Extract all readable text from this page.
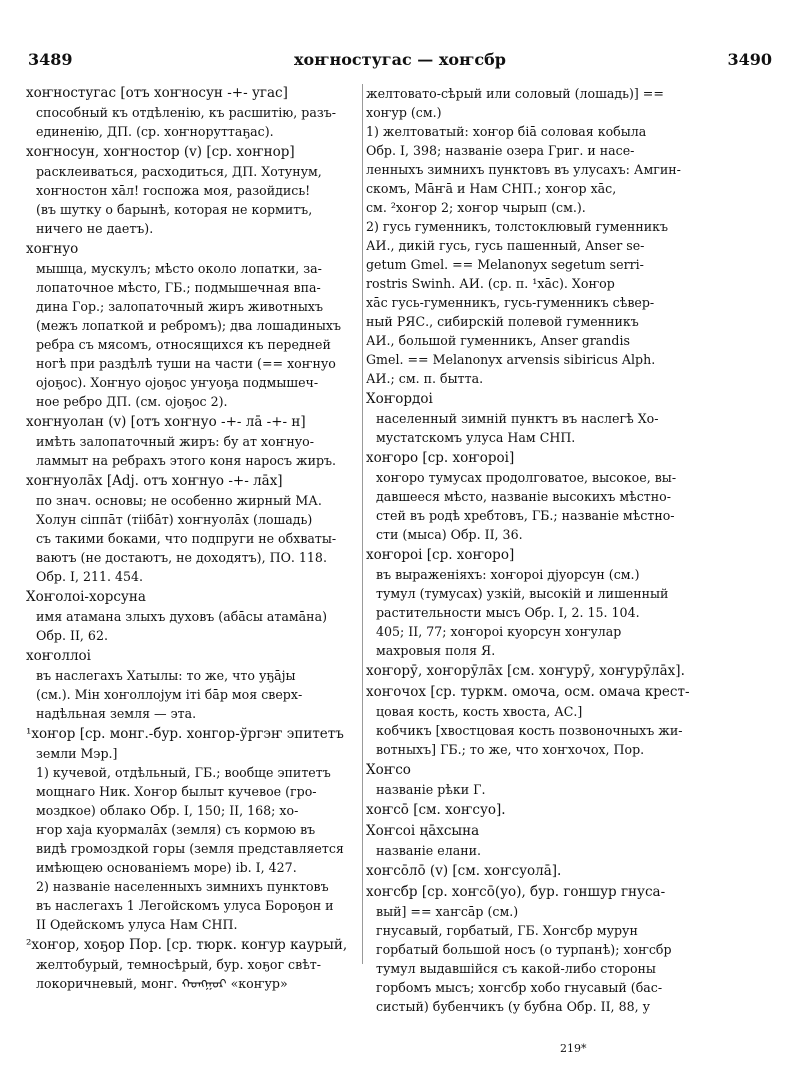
3489	хоҥностугас — хоҥсбр	3490
хоҥностугас [отъ хоҥносун -+- угас]
способный къ отдѣленію, къ расшитію, разъ-
единенію, ДП. (ср. хоҥноруттаҕас).
хоҥносун, хоҥностор (v) [ср. хоҥнор]
расклеиваться, расходиться, ДП. Хотунум,
хоҥностон хāл! госпожа моя, разойдись!
(въ шутку о барынѣ, которая не кормитъ,
ничего не даетъ).
хоҥнуо
мышца, мускулъ; мѣсто около лопатки, за-
лопаточное мѣсто, ГБ.; подмышечная впа-
дина Гор.; залопаточный жиръ животныхъ
(межъ лопаткой и ребромъ); два лошадиныхъ
ребра съ мясомъ, относящихся къ передней
ногѣ при раздѣлѣ туши на части (== хоҥнуо
ојоҕос). Хоҥнуо ојоҕос уҥуоҕа подмышеч-
ное ребро ДП. (см. ојоҕос 2).
хоҥнуолан (v) [отъ хоҥнуо -+- лā -+- н]
имѣть залопаточный жиръ: бу ат хоҥнуо-
ламмыт на ребрахъ этого коня наросъ жиръ.
хоҥнуолāх [Adj. отъ хоҥнуо -+- лāх]
по знач. основы; не особенно жирный МА.
Холун сіппāт (тіібāт) хоҥнуолāх (лошадь)
съ такими боками, что подпруги не обхваты-
ваютъ (не достаютъ, не доходятъ), ПО. 118.
Обр. I, 211. 454.
Хоҥолоі-хорсуна
имя атамана злыхъ духовъ (абāсы атамāна)
Обр. II, 62.
хоҥоллоі
въ наслегахъ Хатылы: то же, что уҕāјы
(см.). Мін хоҥоллојум іті бāр моя сверх-
надѣльная земля — эта.
¹хоҥор [ср. монг.-бур. хонгор-ўргэҥ эпитетъ
земли Мэр.]
1) кучевой, отдѣльный, ГБ.; вообще эпитетъ
мощнаго Ник. Хоҥор былыт кучевое (гро-
моздкое) облако Обр. I, 150; II, 168; хо-
ҥор хаја куормалāх (земля) съ кормою въ
видѣ громоздкой горы (земля представляется
имѣющею основаніемъ море) ib. I, 427.
2) названіе населенныхъ зимнихъ пунктовъ
въ наслегахъ 1 Легойскомъ улуса Бороҕон и
II Одейскомъ улуса Нам СНП.
²хоҥор, хоҕор Пор. [ср. тюрк. коҥур каурый,
желтобурый, темносѣрый, бур. хоҕог свѣт-
локоричневый, монг. ᠬᠣᠩᠭᠣᠷ «коҥур»
желтовато-сѣрый или соловый (лошадь)] ==
хоҥур (см.)
1) желтоватый: хоҥор біā соловая кобыла
Обр. I, 398; названіе озера Григ. и насе-
ленныхъ зимнихъ пунктовъ въ улусахъ: Амгин-
скомъ, Мāҥā и Нам СНП.; хоҥор хāс,
см. ²хоҥор 2; хоҥор чырып (см.).
2) гусь гуменникъ, толстоклювый гуменникъ
АИ., дикій гусь, гусь пашенный, Anser se-
getum Gmel. == Melanonyx segetum serri-
rostris Swinh. АИ. (ср. п. ¹хāс). Хоҥор
хāс гусь-гуменникъ, гусь-гуменникъ сѣвер-
ный РЯС., сибирскій полевой гуменникъ
АИ., большой гуменникъ, Anser grandis
Gmel. == Melanonyx arvensis sibiricus Alph.
АИ.; см. п. бытта.
Хоҥордоі
населенный зимній пунктъ въ наслегѣ Хо-
мустатскомъ улуса Нам СНП.
хоҥоро [ср. хоҥороі]
хоҥоро тумусах продолговатое, высокое, вы-
давшееся мѣсто, названіе высокихъ мѣстно-
стей въ родѣ хребтовъ, ГБ.; названіе мѣстно-
сти (мыса) Обр. II, 36.
хоҥороі [ср. хоҥоро]
въ выраженіяхъ: хоҥороі дјуорсун (см.)
тумул (тумусах) узкій, высокій и лишенный
растительности мысъ Обр. I, 2. 15. 104.
405; II, 77; хоҥороі куорсун хоҥулар
махровыя поля Я.
хоҥорӯ, хоҥорӯлāх [см. хоҥурӯ, хоҥурӯлāх].
хоҥочох [ср. туркм. омоча, осм. омаҹа крест-
цовая кость, кость хвоста, АС.]
кобчикъ [хвостцовая кость позвоночныхъ жи-
вотныхъ] ГБ.; то же, что хоҥхочох, Пор.
Хоҥсо
названіе рѣки Г.
хоҥсō [см. хоҥсуо].
Хоҥсоі ңāхсына
названіе елани.
хоҥсōлō (v) [см. хоҥсуолā].
хоҥсбр [ср. хоҥсō(уо), бур. гоншур гнуса-
вый] == хаҥсāр (см.)
гнусавый, горбатый, ГБ. Хоҥсбр мурун
горбатый большой носъ (о турпанѣ); хоҥсбр
тумул выдавшійся съ какой-либо стороны
горбомъ мысъ; хоҥсбр хобо гнусавый (бас-
систый) бубенчикъ (у бубна Обр. II, 88, у
219*
